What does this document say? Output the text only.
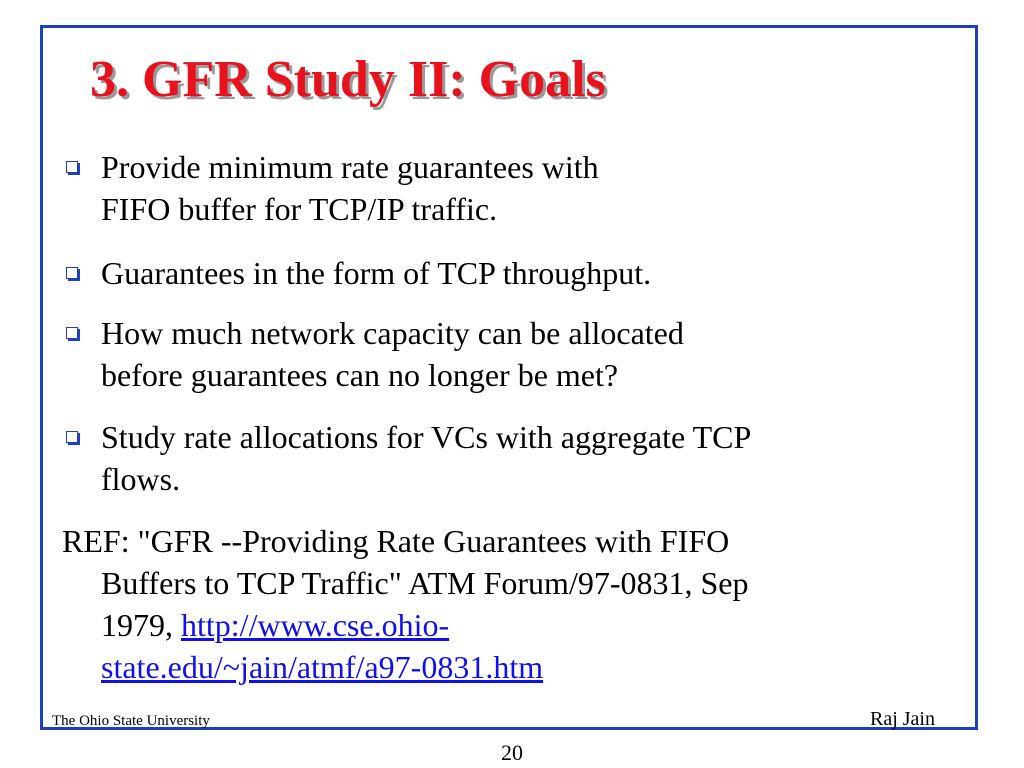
3. GFR Study II: Goals
Provide minimum rate guarantees with
FIFO buffer for TCP/IP traffic.
Guarantees in the form of TCP throughput.
How much network capacity can be allocated
before guarantees can no longer be met?
Study rate allocations for VCs with aggregate TCP
flows.
REF: "GFR --Providing Rate Guarantees with FIFO
Buffers to TCP Traffic" ATM Forum/97-0831, Sep
1979, http://www.cse.ohio-
state.edu/~jain/atmf/a97-0831.htm
The Ohio State University	Raj Jain
20
